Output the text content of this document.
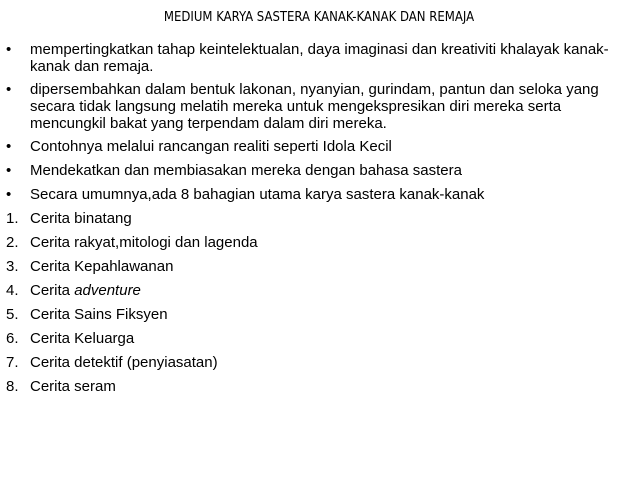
MEDIUM KARYA SASTERA KANAK-KANAK DAN REMAJA
•	mempertingkatkan tahap keintelektualan, daya imaginasi dan kreativiti khalayak kanak-kanak dan remaja.
•	dipersembahkan dalam bentuk lakonan, nyanyian, gurindam, pantun dan seloka yang secara tidak langsung melatih mereka untuk mengekspresikan diri mereka serta mencungkil bakat yang terpendam dalam diri mereka.
•	Contohnya melalui rancangan realiti seperti Idola Kecil
•	Mendekatkan dan membiasakan mereka dengan bahasa sastera
•	Secara umumnya,ada 8 bahagian utama karya sastera kanak-kanak
1. Cerita binatang
2. Cerita rakyat,mitologi dan lagenda
3. Cerita Kepahlawanan
4. Cerita adventure
5. Cerita Sains Fiksyen
6. Cerita Keluarga
7. Cerita detektif (penyiasatan)
8. Cerita seram
